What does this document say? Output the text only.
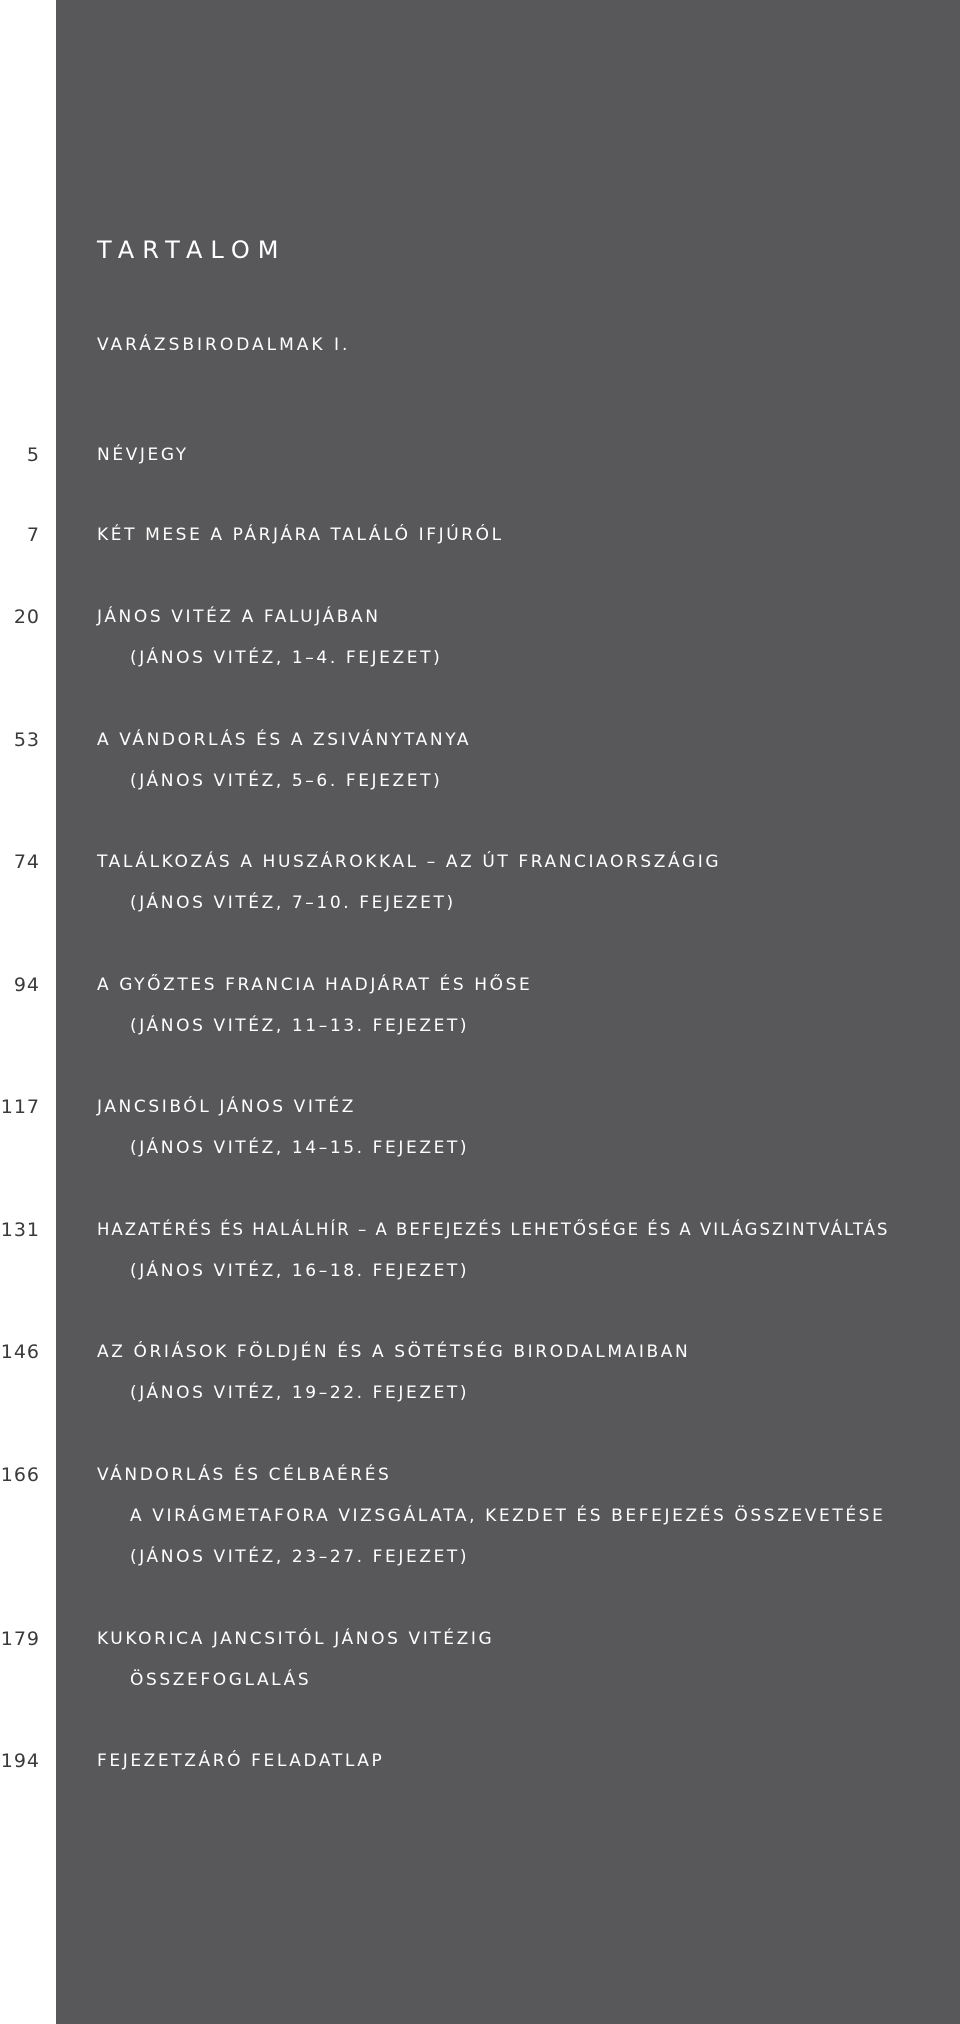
TARTALOM
VARÁZSBIRODALMAK I.
5	NÉVJEGY
7	KÉT MESE A PÁRJÁRA TALÁLÓ IFJÚRÓL
20	JÁNOS VITÉZ A FALUJÁBAN
(JÁNOS VITÉZ, 1–4. FEJEZET)
53	A VÁNDORLÁS ÉS A ZSIVÁNYTANYA
(JÁNOS VITÉZ, 5–6. FEJEZET)
74	TALÁLKOZÁS A HUSZÁROKKAL – AZ ÚT FRANCIAORSZÁGIG
(JÁNOS VITÉZ, 7–10. FEJEZET)
94	A GYŐZTES FRANCIA HADJÁRAT ÉS HŐSE
(JÁNOS VITÉZ, 11–13. FEJEZET)
117	JANCSIBÓL JÁNOS VITÉZ
(JÁNOS VITÉZ, 14–15. FEJEZET)
131	HAZATÉRÉS ÉS HALÁLHÍR – A BEFEJEZÉS LEHETŐSÉGE ÉS A VILÁGSZINTVÁLTÁS
(JÁNOS VITÉZ, 16–18. FEJEZET)
146	AZ ÓRIÁSOK FÖLDJÉN ÉS A SÖTÉTSÉG BIRODALMAIBAN
(JÁNOS VITÉZ, 19–22. FEJEZET)
166	VÁNDORLÁS ÉS CÉLBAÉRÉS
A VIRÁGMETAFORA VIZSGÁLATA, KEZDET ÉS BEFEJEZÉS ÖSSZEVETÉSE
(JÁNOS VITÉZ, 23–27. FEJEZET)
179	KUKORICA JANCSITÓL JÁNOS VITÉZIG
ÖSSZEFOGLALÁS
194	FEJEZETZÁRÓ FELADATLAP
